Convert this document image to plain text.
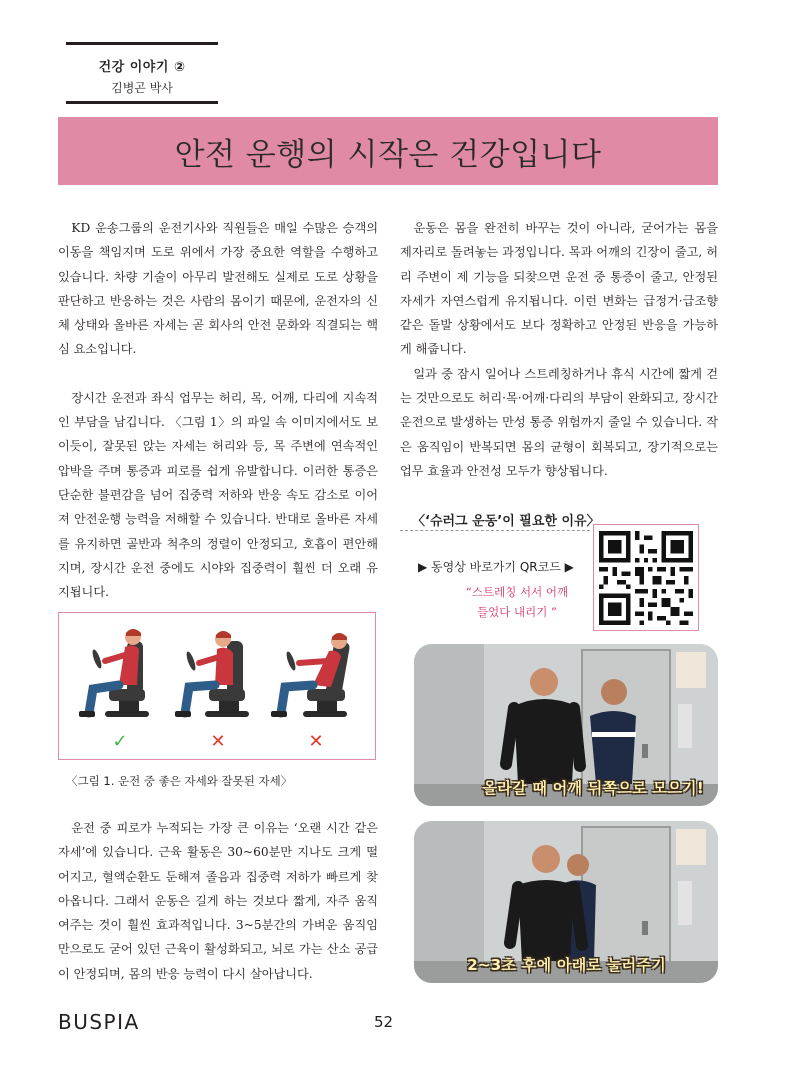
건강 이야기 ②
김병곤 박사
안전 운행의 시작은 건강입니다

KD 운송그룹의 운전기사와 직원들은 매일 수많은 승객의 이동을 책임지며 도로 위에서 가장 중요한 역할을 수행하고 있습니다. 차량 기술이 아무리 발전해도 실제로 도로 상황을 판단하고 반응하는 것은 사람의 몸이기 때문에, 운전자의 신체 상태와 올바른 자세는 곧 회사의 안전 문화와 직결되는 핵심 요소입니다.

장시간 운전과 좌식 업무는 허리, 목, 어깨, 다리에 지속적인 부담을 남깁니다. 〈그림 1〉의 파일 속 이미지에서도 보이듯이, 잘못된 앉는 자세는 허리와 등, 목 주변에 연속적인 압박을 주며 통증과 피로를 쉽게 유발합니다. 이러한 통증은 단순한 불편감을 넘어 집중력 저하와 반응 속도 감소로 이어져 안전운행 능력을 저해할 수 있습니다. 반대로 올바른 자세를 유지하면 골반과 척추의 정렬이 안정되고, 호흡이 편안해지며, 장시간 운전 중에도 시야와 집중력이 훨씬 더 오래 유지됩니다.

✓	✕	✕
〈그림 1. 운전 중 좋은 자세와 잘못된 자세〉

운전 중 피로가 누적되는 가장 큰 이유는 ‘오랜 시간 같은 자세’에 있습니다. 근육 활동은 30~60분만 지나도 크게 떨어지고, 혈액순환도 둔해져 졸음과 집중력 저하가 빠르게 찾아옵니다. 그래서 운동은 길게 하는 것보다 짧게, 자주 움직여주는 것이 훨씬 효과적입니다. 3~5분간의 가벼운 움직임만으로도 굳어 있던 근육이 활성화되고, 뇌로 가는 산소 공급이 안정되며, 몸의 반응 능력이 다시 살아납니다.

운동은 몸을 완전히 바꾸는 것이 아니라, 굳어가는 몸을 제자리로 돌려놓는 과정입니다. 목과 어깨의 긴장이 줄고, 허리 주변이 제 기능을 되찾으면 운전 중 통증이 줄고, 안정된 자세가 자연스럽게 유지됩니다. 이런 변화는 급정거·급조향 같은 돌발 상황에서도 보다 정확하고 안정된 반응을 가능하게 해줍니다.

일과 중 잠시 일어나 스트레칭하거나 휴식 시간에 짧게 걷는 것만으로도 허리·목·어깨·다리의 부담이 완화되고, 장시간 운전으로 발생하는 만성 통증 위험까지 줄일 수 있습니다. 작은 움직임이 반복되면 몸의 균형이 회복되고, 장기적으로는 업무 효율과 안전성 모두가 향상됩니다.

〈‘슈러그 운동’이 필요한 이유〉
▶ 동영상 바로가기 QR코드 ▶
“스트레칭 서서 어깨
들었다 내리기 ”
올라갈 때 어깨 뒤쪽으로 모으기!
2~3초 후에 아래로 눌러주기
BUSPIA	52
